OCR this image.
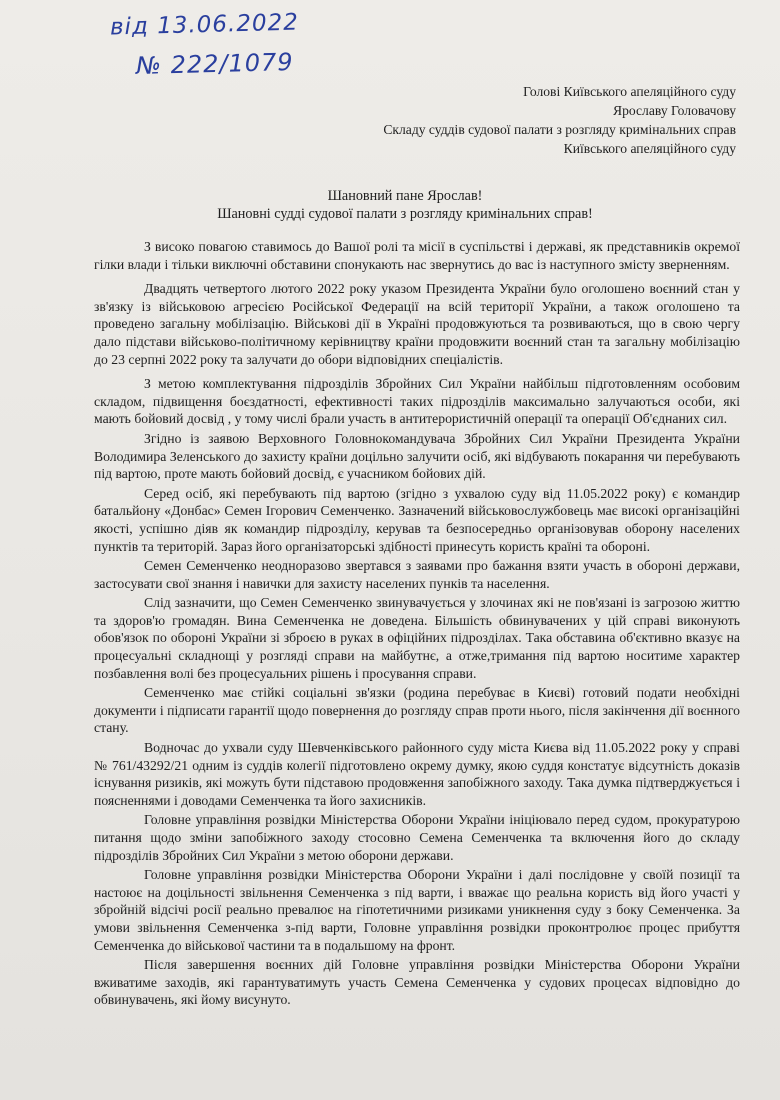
від 13.06.2022
№ 222/1079
Голові Київського апеляційного суду
Ярославу Головачову
Складу суддів судової палати з розгляду кримінальних справ
Київського апеляційного суду
Шановний пане Ярослав!
Шановні судді судової палати з розгляду кримінальних справ!

З високо повагою ставимось до Вашої ролі та місії в суспільстві і державі, як представників окремої гілки влади і тільки виключні обставини спонукають нас звернутись до вас із наступного змісту зверненням.

Двадцять четвертого лютого 2022 року указом Президента України було оголошено воєнний стан у зв'язку із військовою агресією Російської Федерації на всій території України, а також оголошено та проведено загальну мобілізацію. Військові дії в Україні продовжуються та розвиваються, що в свою чергу дало підстави військово-політичному керівництву країни продовжити воєнний стан та загальну мобілізацію до 23 серпні 2022 року та залучати до обори відповідних спеціалістів.

З метою комплектування підрозділів Збройних Сил України найбільш підготовленням особовим складом, підвищення боєздатності, ефективності таких підрозділів максимально залучаються особи, які мають бойовий досвід , у тому числі брали участь в антитерористичній операції та операції Об'єднаних сил.

Згідно із заявою Верховного Головнокомандувача Збройних Сил України Президента України Володимира Зеленського до захисту країни доцільно залучити осіб, які відбувають покарання чи перебувають під вартою, проте мають бойовий досвід, є учасником бойових дій.

Серед осіб, які перебувають під вартою (згідно з ухвалою суду від 11.05.2022 року) є командир батальйону «Донбас» Семен Ігорович Семенченко. Зазначений військовослужбовець має високі організаційні якості, успішно діяв як командир підрозділу, керував та безпосередньо організовував оборону населених пунктів та територій. Зараз його організаторські здібності принесуть користь країні та обороні.

Семен Семенченко неодноразово звертався з заявами про бажання взяти участь в обороні держави, застосувати свої знання і навички для захисту населених пунків та населення.

Слід зазначити, що Семен Семенченко звинувачується у злочинах які не пов'язані із загрозою життю та здоров'ю громадян. Вина Семенченка не доведена. Більшість обвинувачених у цій справі виконують обов'язок по обороні України зі зброєю в руках в офіційних підрозділах. Така обставина об'єктивно вказує на процесуальні складнощі у розгляді справи на майбутнє, а отже,тримання під вартою носитиме характер позбавлення волі без процесуальних рішень і просування справи.

Семенченко має стійкі соціальні зв'язки (родина перебуває в Києві) готовий подати необхідні документи і підписати гарантії щодо повернення до розгляду справ проти нього, після закінчення дії воєнного стану.

Водночас до ухвали суду Шевченківського районного суду міста Києва від 11.05.2022 року у справі № 761/43292/21 одним із суддів колегії підготовлено окрему думку, якою суддя констатує відсутність доказів існування ризиків, які можуть бути підставою продовження запобіжного заходу. Така думка підтверджується і поясненнями і доводами Семенченка та його захисників.

Головне управління розвідки Міністерства Оборони України ініціювало перед судом, прокуратурою питання щодо зміни запобіжного заходу стосовно Семена Семенченка та включення його до складу підрозділів Збройних Сил України з метою оборони держави.

Головне управління розвідки Міністерства Оборони України і далі послідовне у своїй позиції та настоює на доцільності звільнення Семенченка з під варти, і вважає що реальна користь від його участі у збройній відсічі росії реально превалює на гіпотетичними ризиками уникнення суду з боку Семенченка. За умови звільнення Семенченка з-під варти, Головне управління розвідки проконтролює процес прибуття Семенченка до військової частини та в подальшому на фронт.

Після завершення воєнних дій Головне управління розвідки Міністерства Оборони України вживатиме заходів, які гарантуватимуть участь Семена Семенченка у судових процесах відповідно до обвинувачень, які йому висунуто.
